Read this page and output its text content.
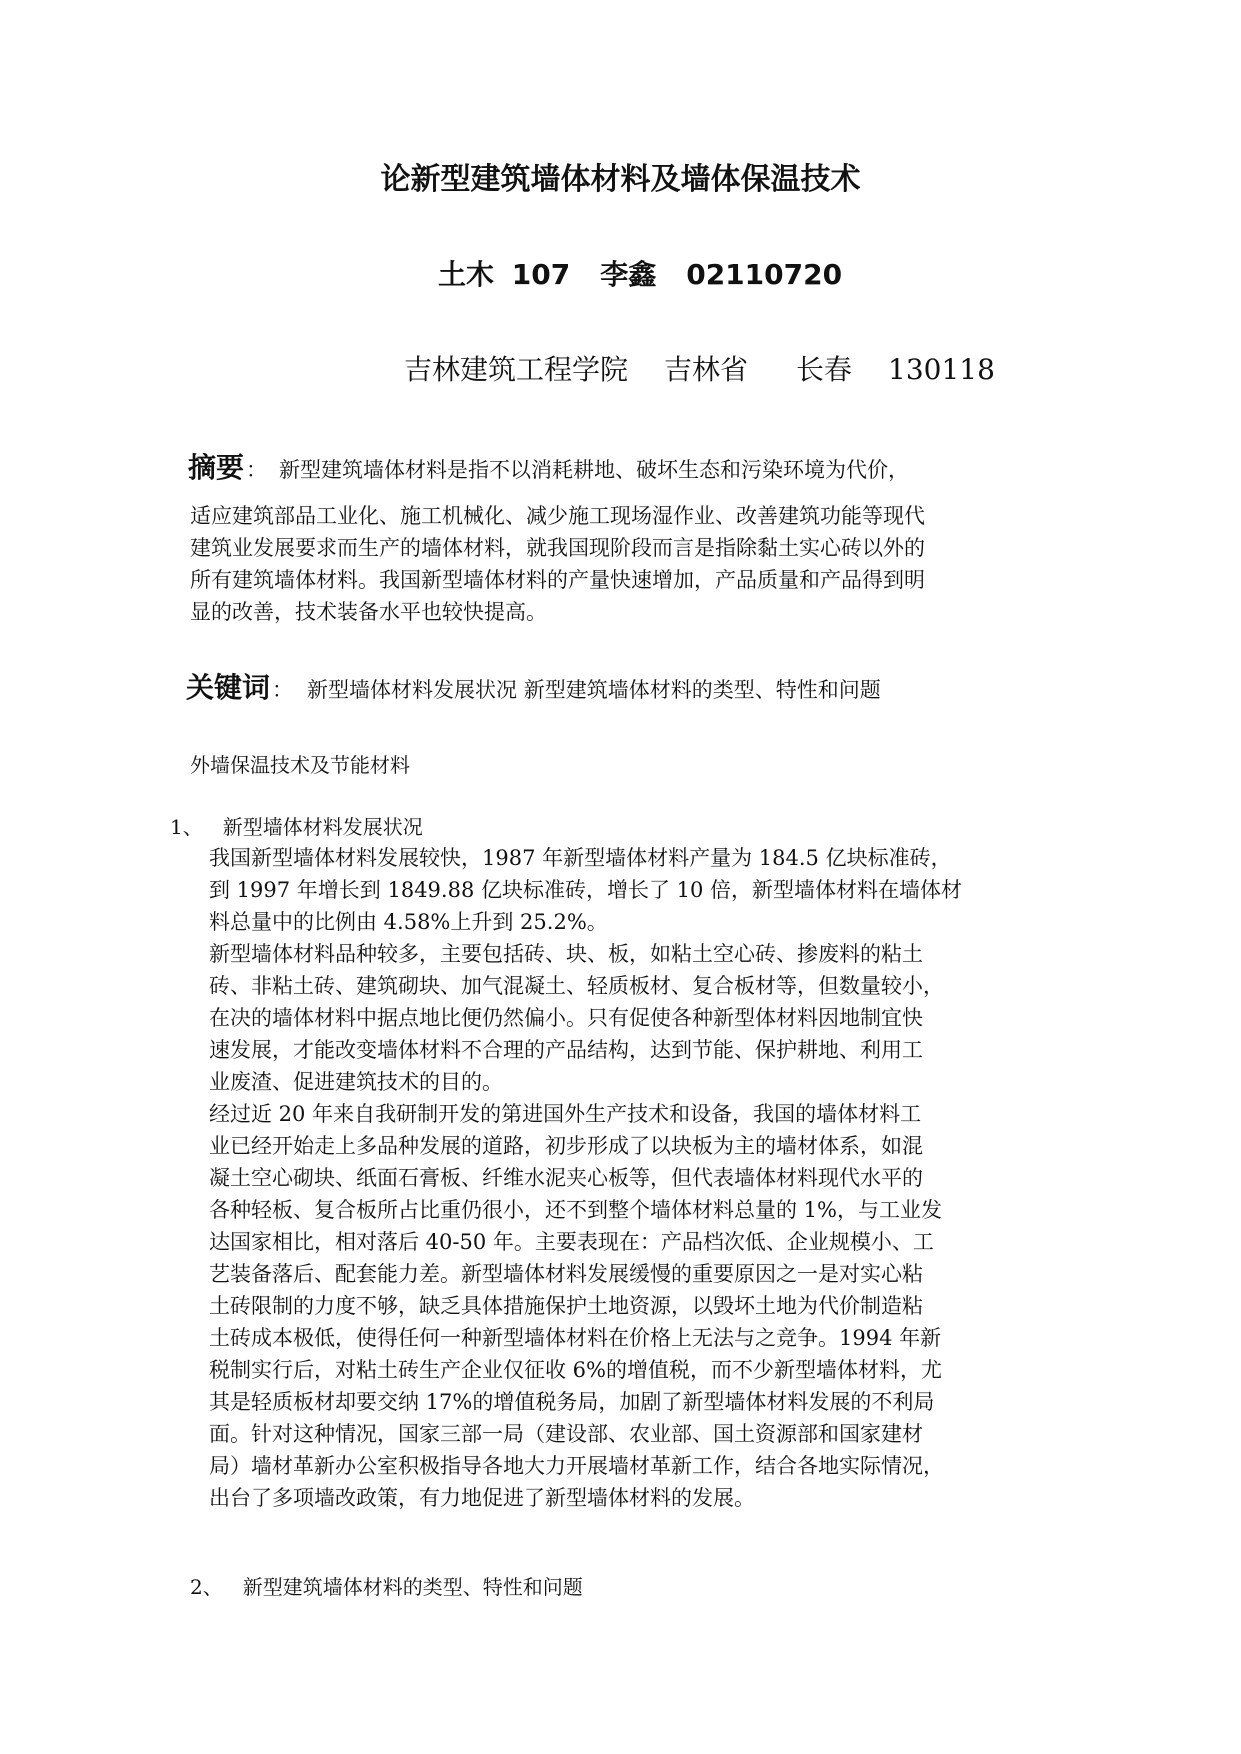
论新型建筑墙体材料及墙体保温技术
土木 107 李鑫 02110720
吉林建筑工程学院 吉林省 长春 130118
摘要： 新型建筑墙体材料是指不以消耗耕地、破坏生态和污染环境为代价，
适应建筑部品工业化、施工机械化、减少施工现场湿作业、改善建筑功能等现代
建筑业发展要求而生产的墙体材料，就我国现阶段而言是指除黏土实心砖以外的
所有建筑墙体材料。我国新型墙体材料的产量快速增加，产品质量和产品得到明
显的改善，技术装备水平也较快提高。
关键词： 新型墙体材料发展状况 新型建筑墙体材料的类型、特性和问题
外墙保温技术及节能材料
1、 新型墙体材料发展状况
我国新型墙体材料发展较快，1987 年新型墙体材料产量为 184.5 亿块标准砖，
到 1997 年增长到 1849.88 亿块标准砖，增长了 10 倍，新型墙体材料在墙体材
料总量中的比例由 4.58%上升到 25.2%。
新型墙体材料品种较多，主要包括砖、块、板，如粘土空心砖、掺废料的粘土
砖、非粘土砖、建筑砌块、加气混凝土、轻质板材、复合板材等，但数量较小，
在决的墙体材料中据点地比便仍然偏小。只有促使各种新型体材料因地制宜快
速发展，才能改变墙体材料不合理的产品结构，达到节能、保护耕地、利用工
业废渣、促进建筑技术的目的。
经过近 20 年来自我研制开发的第进国外生产技术和设备，我国的墙体材料工
业已经开始走上多品种发展的道路，初步形成了以块板为主的墙材体系，如混
凝土空心砌块、纸面石膏板、纤维水泥夹心板等，但代表墙体材料现代水平的
各种轻板、复合板所占比重仍很小，还不到整个墙体材料总量的 1%，与工业发
达国家相比，相对落后 40-50 年。主要表现在：产品档次低、企业规模小、工
艺装备落后、配套能力差。新型墙体材料发展缓慢的重要原因之一是对实心粘
土砖限制的力度不够，缺乏具体措施保护土地资源，以毁坏土地为代价制造粘
土砖成本极低，使得任何一种新型墙体材料在价格上无法与之竞争。1994 年新
税制实行后，对粘土砖生产企业仅征收 6%的增值税，而不少新型墙体材料，尤
其是轻质板材却要交纳 17%的增值税务局，加剧了新型墙体材料发展的不利局
面。针对这种情况，国家三部一局（建设部、农业部、国土资源部和国家建材
局）墙材革新办公室积极指导各地大力开展墙材革新工作，结合各地实际情况，
出台了多项墙改政策，有力地促进了新型墙体材料的发展。
2、 新型建筑墙体材料的类型、特性和问题
